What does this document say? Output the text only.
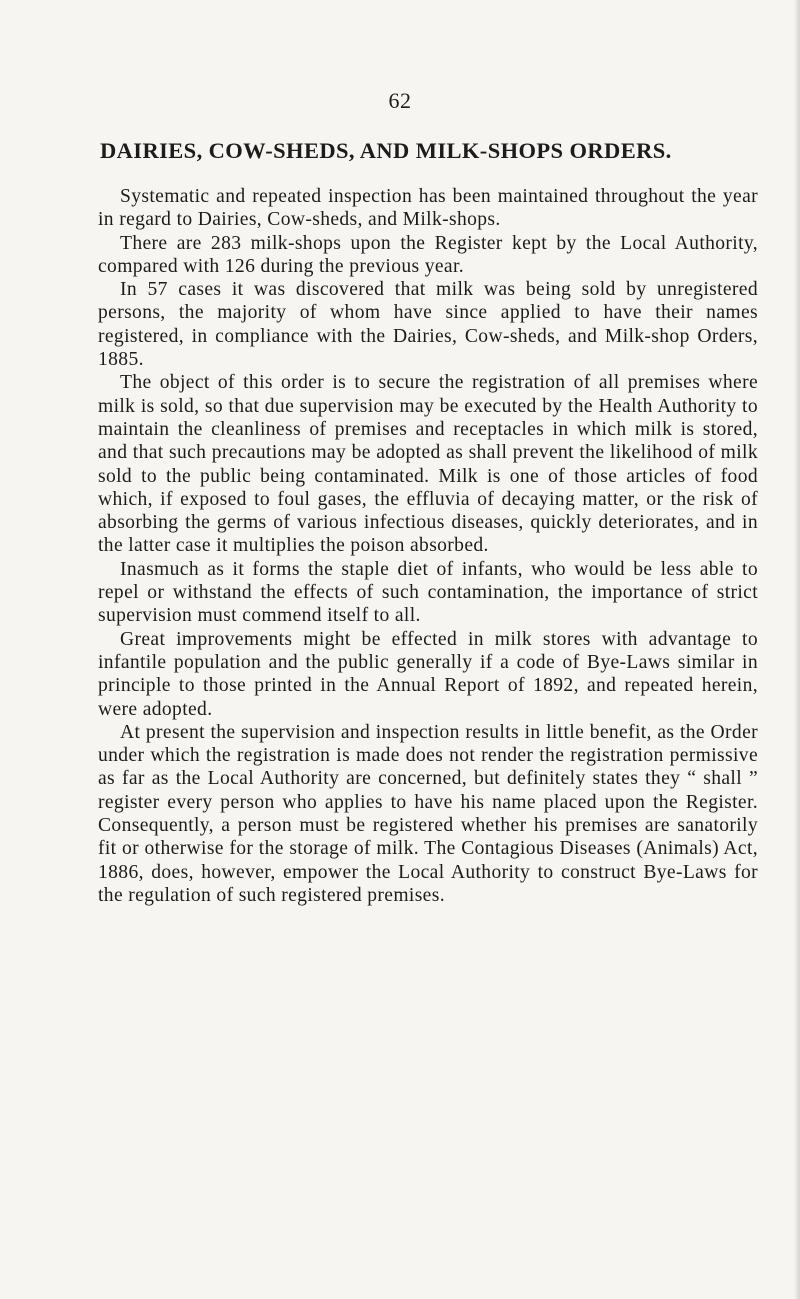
62
DAIRIES, COW-SHEDS, AND MILK-SHOPS ORDERS.

Systematic and repeated inspection has been maintained throughout the year in regard to Dairies, Cow-sheds, and Milk-shops.

There are 283 milk-shops upon the Register kept by the Local Authority, compared with 126 during the previous year.

In 57 cases it was discovered that milk was being sold by unregistered persons, the majority of whom have since applied to have their names registered, in compliance with the Dairies, Cow-sheds, and Milk-shop Orders, 1885.

The object of this order is to secure the registration of all premises where milk is sold, so that due supervision may be executed by the Health Authority to maintain the cleanliness of premises and receptacles in which milk is stored, and that such precautions may be adopted as shall prevent the likelihood of milk sold to the public being contaminated. Milk is one of those articles of food which, if exposed to foul gases, the effluvia of decaying matter, or the risk of absorbing the germs of various infectious diseases, quickly deteriorates, and in the latter case it multiplies the poison absorbed.

Inasmuch as it forms the staple diet of infants, who would be less able to repel or withstand the effects of such contamination, the importance of strict supervision must commend itself to all.

Great improvements might be effected in milk stores with advantage to infantile population and the public generally if a code of Bye-Laws similar in principle to those printed in the Annual Report of 1892, and repeated herein, were adopted.

At present the supervision and inspection results in little benefit, as the Order under which the registration is made does not render the registration permissive as far as the Local Authority are concerned, but definitely states they “ shall ” register every person who applies to have his name placed upon the Register. Consequently, a person must be registered whether his premises are sanatorily fit or otherwise for the storage of milk. The Contagious Diseases (Animals) Act, 1886, does, however, empower the Local Authority to construct Bye-Laws for the regulation of such registered premises.
